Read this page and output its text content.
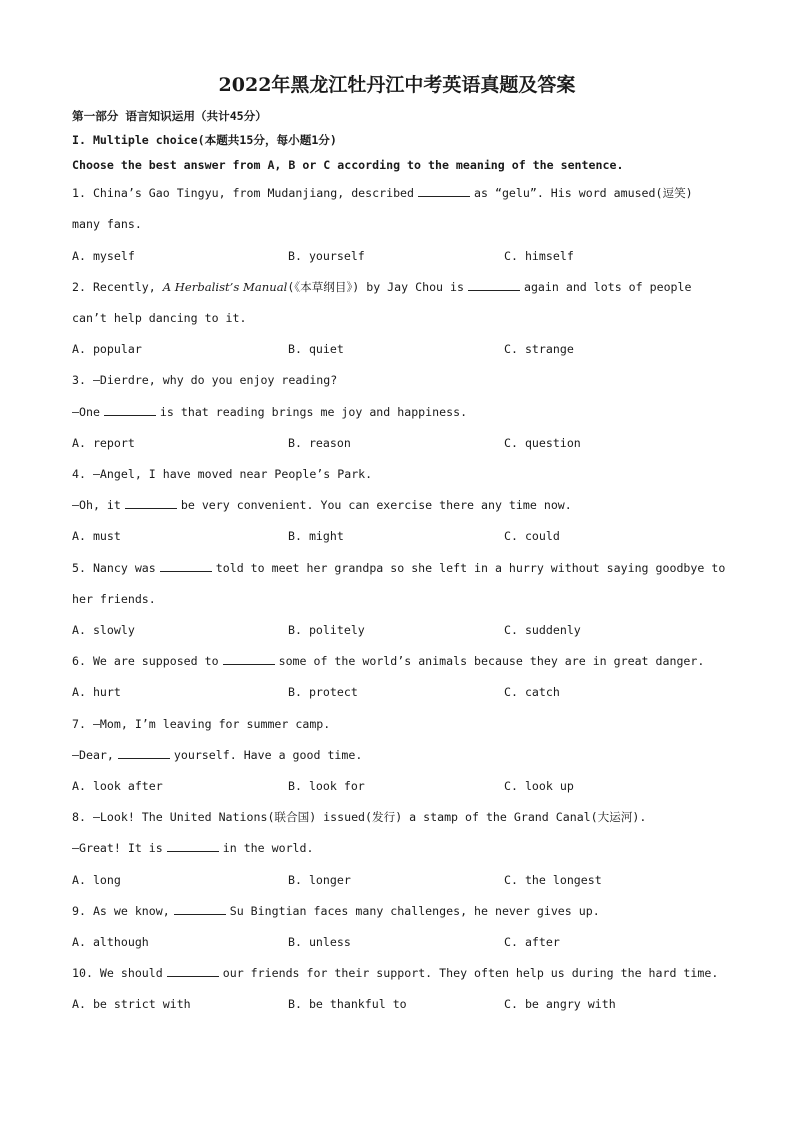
2022年黑龙江牡丹江中考英语真题及答案
第一部分 语言知识运用（共计45分）
I. Multiple choice(本题共15分，每小题1分)
Choose the best answer from A, B or C according to the meaning of the sentence.
1. China’s Gao Tingyu, from Mudanjiang, described	as “gelu”. His word amused(逗笑)
many fans.
A. myself	B. yourself	C. himself
2. Recently, A Herbalist’s Manual(《本草纲目》) by Jay Chou is	again and lots of people
can’t help dancing to it.
A. popular	B. quiet	C. strange
3. —Dierdre, why do you enjoy reading?
—One	is that reading brings me joy and happiness.
A. report	B. reason	C. question
4. —Angel, I have moved near People’s Park.
—Oh, it	be very convenient. You can exercise there any time now.
A. must	B. might	C. could
5. Nancy was	told to meet her grandpa so she left in a hurry without saying goodbye to
her friends.
A. slowly	B. politely	C. suddenly
6. We are supposed to	some of the world’s animals because they are in great danger.
A. hurt	B. protect	C. catch
7. —Mom, I’m leaving for summer camp.
—Dear,	yourself. Have a good time.
A. look after	B. look for	C. look up
8. —Look! The United Nations(联合国) issued(发行) a stamp of the Grand Canal(大运河).
—Great! It is	in the world.
A. long	B. longer	C. the longest
9. As we know,	Su Bingtian faces many challenges, he never gives up.
A. although	B. unless	C. after
10. We should	our friends for their support. They often help us during the hard time.
A. be strict with	B. be thankful to	C. be angry with
